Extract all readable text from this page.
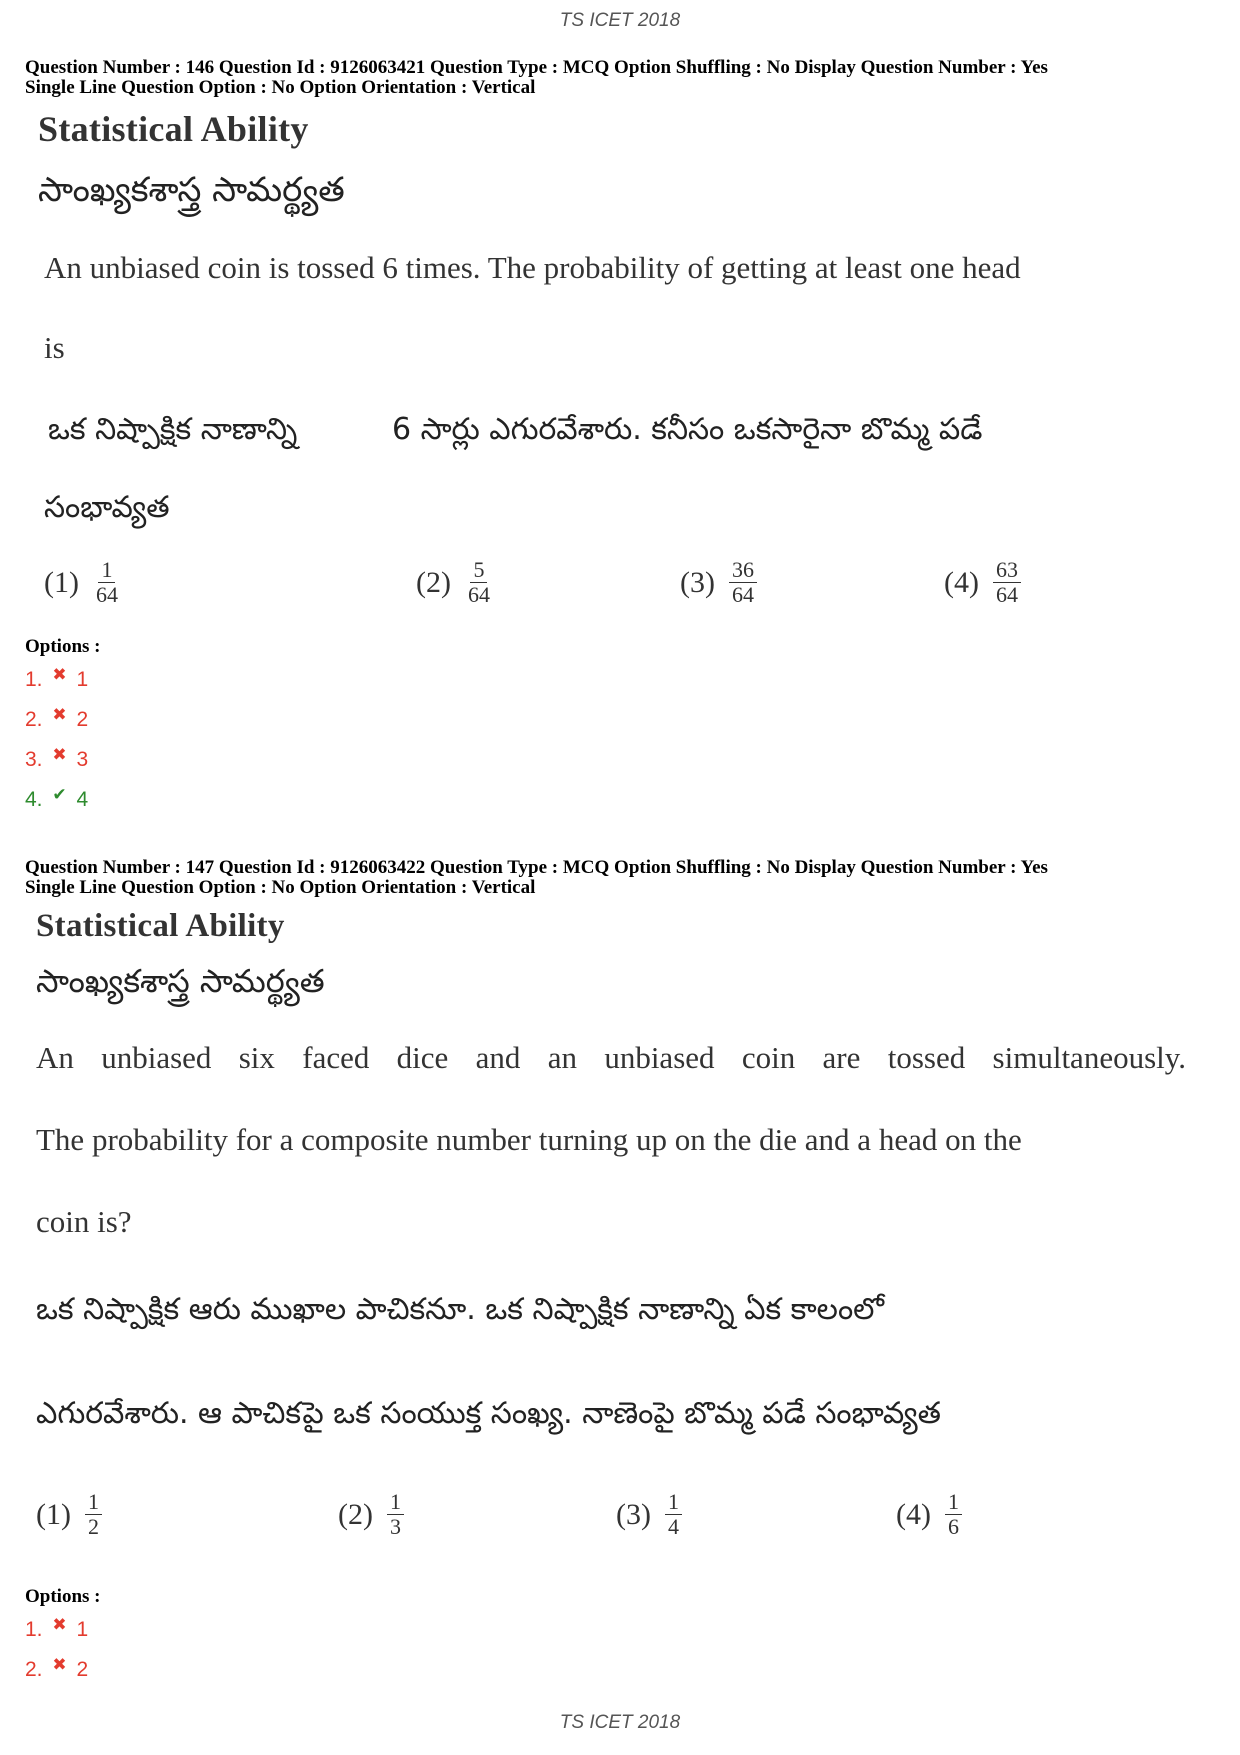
TS ICET 2018
Question Number : 146 Question Id : 9126063421 Question Type : MCQ Option Shuffling : No Display Question Number : Yes
Single Line Question Option : No Option Orientation : Vertical
Statistical Ability
సాంఖ్యకశాస్త్ర సామర్థ్యత
An unbiased coin is tossed 6 times. The probability of getting at least one head
is
ఒక నిష్పాక్షిక నాణాన్ని	6 సార్లు ఎగురవేశారు. కనీసం ఒకసారైనా బొమ్మ పడే
సంభావ్యత
$(1) \frac{1}{64}$	$(2) \frac{5}{64}$	$(3) \frac{36}{64}$	$(4) \frac{63}{64}$
Options :
1. ✖ 1
2. ✖ 2
3. ✖ 3
4. ✔ 4
Question Number : 147 Question Id : 9126063422 Question Type : MCQ Option Shuffling : No Display Question Number : Yes
Single Line Question Option : No Option Orientation : Vertical
Statistical Ability
సాంఖ్యకశాస్త్ర సామర్థ్యత
An unbiased six faced dice and an unbiased coin are tossed simultaneously.
The probability for a composite number turning up on the die and a head on the
coin is?
ఒక నిష్పాక్షిక ఆరు ముఖాల పాచికనూ. ఒక నిష్పాక్షిక నాణాన్ని ఏక కాలంలో
ఎగురవేశారు. ఆ పాచికపై ఒక సంయుక్త సంఖ్య. నాణెంపై బొమ్మ పడే సంభావ్యత
$(1) \frac{1}{2}$	$(2) \frac{1}{3}$	$(3) \frac{1}{4}$	$(4) \frac{1}{6}$
Options :
1. ✖ 1
2. ✖ 2
TS ICET 2018
